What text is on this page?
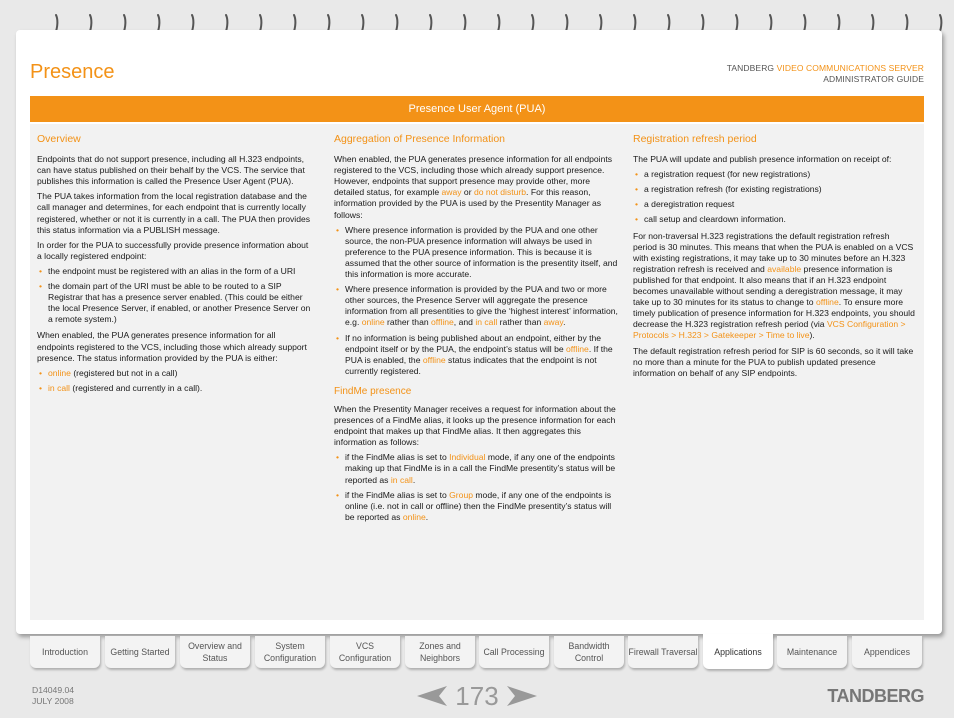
Presence	TANDBERG VIDEO COMMUNICATIONS SERVER
ADMINISTRATOR GUIDE
Presence User Agent (PUA)
Overview

Endpoints that do not support presence, including all H.323 endpoints, can have status published on their behalf by the VCS. The service that publishes this information is called the Presence User Agent (PUA).

The PUA takes information from the local registration database and the call manager and determines, for each endpoint that is currently locally registered, whether or not it is currently in a call. The PUA then provides this status information via a PUBLISH message.

In order for the PUA to successfully provide presence information about a locally registered endpoint:

• the endpoint must be registered with an alias in the form of a URI
• the domain part of the URI must be able to be routed to a SIP Registrar that has a presence server enabled. (This could be either the local Presence Server, if enabled, or another Presence Server on a remote system.)

When enabled, the PUA generates presence information for all endpoints registered to the VCS, including those which already support presence. The status information provided by the PUA is either:

• online (registered but not in a call)
• in call (registered and currently in a call).
Aggregation of Presence Information

When enabled, the PUA generates presence information for all endpoints registered to the VCS, including those which already support presence. However, endpoints that support presence may provide other, more detailed status, for example away or do not disturb. For this reason, information provided by the PUA is used by the Presentity Manager as follows:

• Where presence information is provided by the PUA and one other source, the non-PUA presence information will always be used in preference to the PUA presence information. This is because it is assumed that the other source of information is the presentity itself, and this information is more accurate.
• Where presence information is provided by the PUA and two or more other sources, the Presence Server will aggregate the presence information from all presentities to give the ‘highest interest’ information, e.g. online rather than offline, and in call rather than away.
• If no information is being published about an endpoint, either by the endpoint itself or by the PUA, the endpoint’s status will be offline. If the PUA is enabled, the offline status indicates that the endpoint is not currently registered.
FindMe presence

When the Presentity Manager receives a request for information about the presences of a FindMe alias, it looks up the presence information for each endpoint that makes up that FindMe alias. It then aggregates this information as follows:

• if the FindMe alias is set to Individual mode, if any one of the endpoints making up that FindMe is in a call the FindMe presentity’s status will be reported as in call.
• if the FindMe alias is set to Group mode, if any one of the endpoints is online (i.e. not in call or offline) then the FindMe presentity’s status will be reported as online.
Registration refresh period

The PUA will update and publish presence information on receipt of:

• a registration request (for new registrations)
• a registration refresh (for existing registrations)
• a deregistration request
• call setup and cleardown information.

For non-traversal H.323 registrations the default registration refresh period is 30 minutes. This means that when the PUA is enabled on a VCS with existing registrations, it may take up to 30 minutes before an H.323 registration refresh is received and available presence information is published for that endpoint. It also means that if an H.323 endpoint becomes unavailable without sending a deregistration message, it may take up to 30 minutes for its status to change to offline. To ensure more timely publication of presence information for H.323 endpoints, you should decrease the H.323 registration refresh period (via VCS Configuration > Protocols > H.323 > Gatekeeper > Time to live).

The default registration refresh period for SIP is 60 seconds, so it will take no more than a minute for the PUA to publish updated presence information on behalf of any SIP endpoints.

Introduction	Getting Started
Overview and Status
System Configuration
VCS Configuration
Zones and Neighbors
Call Processing
Bandwidth Control
Firewall Traversal	Applications	Maintenance	Appendices
D14049.04
JULY 2008	173	TANDBERG
